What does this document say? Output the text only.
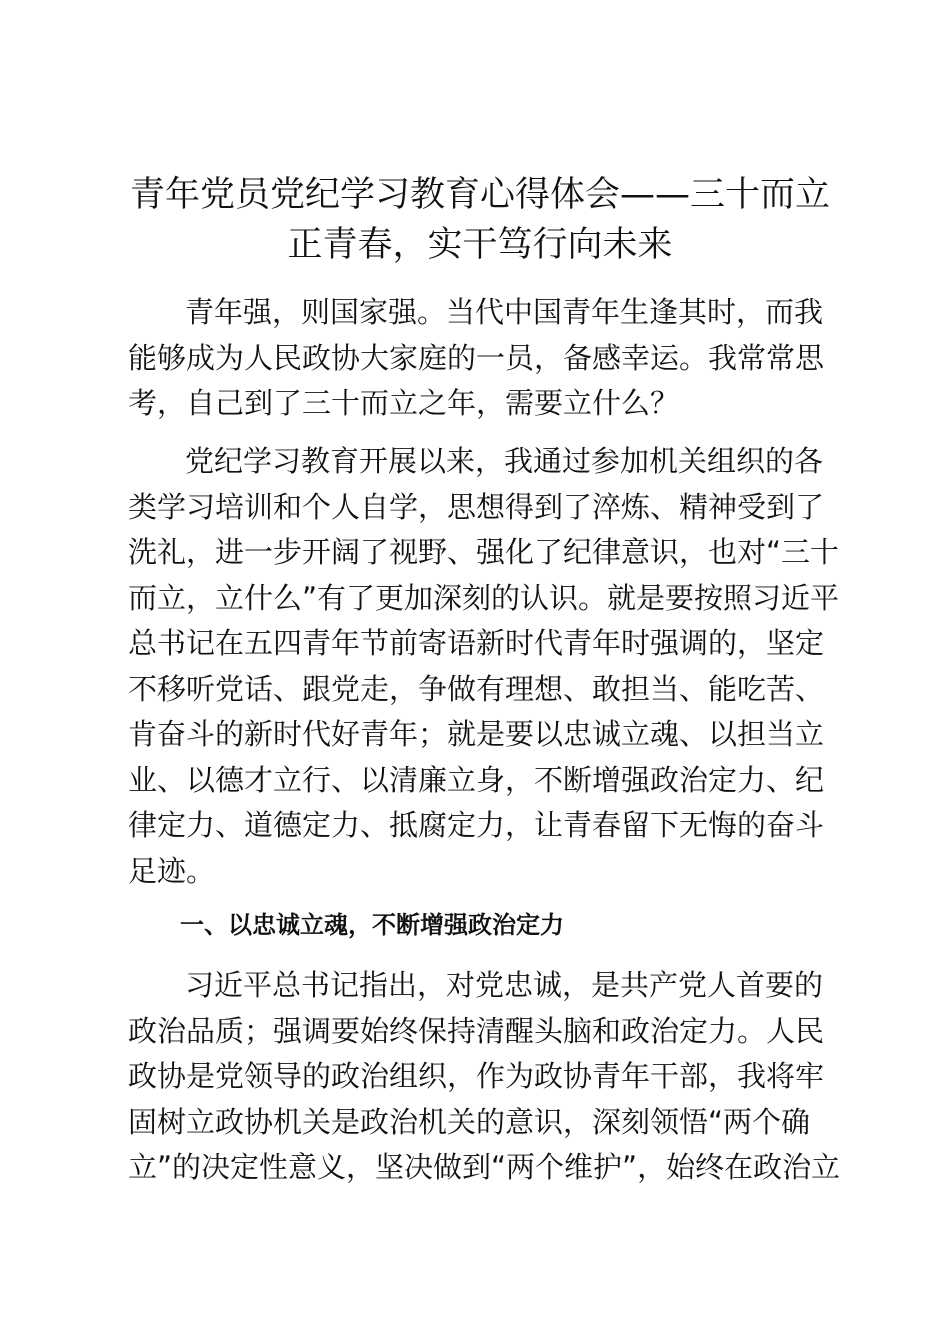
青年党员党纪学习教育心得体会——三十而立
正青春，实干笃行向未来

青年强，则国家强。当代中国青年生逢其时，而我
能够成为人民政协大家庭的一员，备感幸运。我常常思
考，自己到了三十而立之年，需要立什么？

党纪学习教育开展以来，我通过参加机关组织的各
类学习培训和个人自学，思想得到了淬炼、精神受到了
洗礼，进一步开阔了视野、强化了纪律意识，也对“三十
而立，立什么”有了更加深刻的认识。就是要按照习近平
总书记在五四青年节前寄语新时代青年时强调的，坚定
不移听党话、跟党走，争做有理想、敢担当、能吃苦、
肯奋斗的新时代好青年；就是要以忠诚立魂、以担当立
业、以德才立行、以清廉立身，不断增强政治定力、纪
律定力、道德定力、抵腐定力，让青春留下无悔的奋斗
足迹。

一、以忠诚立魂，不断增强政治定力

习近平总书记指出，对党忠诚，是共产党人首要的
政治品质；强调要始终保持清醒头脑和政治定力。人民
政协是党领导的政治组织，作为政协青年干部，我将牢
固树立政协机关是政治机关的意识，深刻领悟“两个确
立”的决定性意义，坚决做到“两个维护”，始终在政治立
